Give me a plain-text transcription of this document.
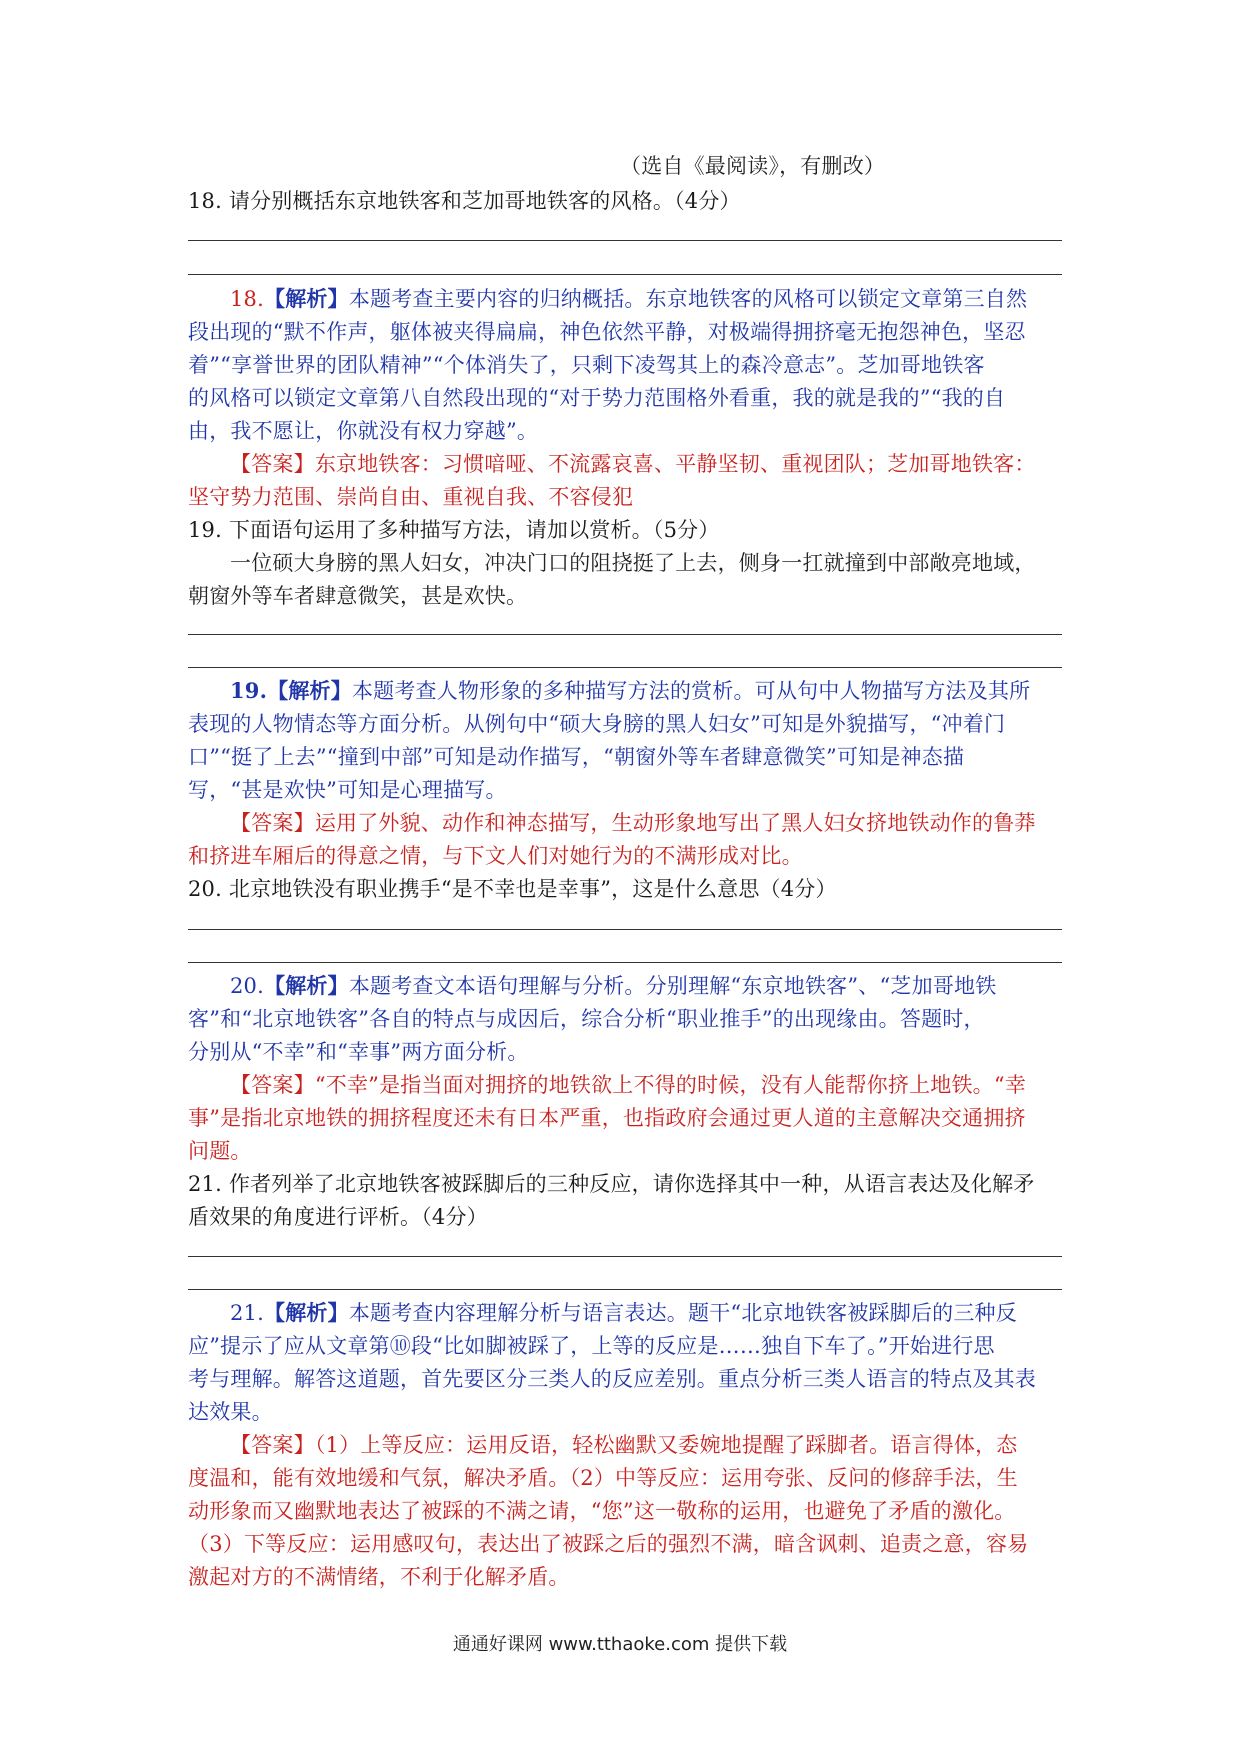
（选自《最阅读》，有删改）
18. 请分别概括东京地铁客和芝加哥地铁客的风格。（4分）
18.【解析】本题考查主要内容的归纳概括。东京地铁客的风格可以锁定文章第三自然
段出现的“默不作声，躯体被夹得扁扁，神色依然平静，对极端得拥挤毫无抱怨神色，坚忍
着”“享誉世界的团队精神”“个体消失了，只剩下凌驾其上的森冷意志”。芝加哥地铁客
的风格可以锁定文章第八自然段出现的“对于势力范围格外看重，我的就是我的”“我的自
由，我不愿让，你就没有权力穿越”。
【答案】东京地铁客：习惯喑哑、不流露哀喜、平静坚韧、重视团队；芝加哥地铁客：
坚守势力范围、崇尚自由、重视自我、不容侵犯
19. 下面语句运用了多种描写方法，请加以赏析。（5分）
一位硕大身膀的黑人妇女，冲决门口的阻挠挺了上去，侧身一扛就撞到中部敞亮地域，
朝窗外等车者肆意微笑，甚是欢快。
19.【解析】本题考查人物形象的多种描写方法的赏析。可从句中人物描写方法及其所
表现的人物情态等方面分析。从例句中“硕大身膀的黑人妇女”可知是外貌描写，“冲着门
口”“挺了上去”“撞到中部”可知是动作描写，“朝窗外等车者肆意微笑”可知是神态描
写，“甚是欢快”可知是心理描写。
【答案】运用了外貌、动作和神态描写，生动形象地写出了黑人妇女挤地铁动作的鲁莽
和挤进车厢后的得意之情，与下文人们对她行为的不满形成对比。
20. 北京地铁没有职业携手“是不幸也是幸事”，这是什么意思（4分）
20.【解析】本题考查文本语句理解与分析。分别理解“东京地铁客”、“芝加哥地铁
客”和“北京地铁客”各自的特点与成因后，综合分析“职业推手”的出现缘由。答题时，
分别从“不幸”和“幸事”两方面分析。
【答案】“不幸”是指当面对拥挤的地铁欲上不得的时候，没有人能帮你挤上地铁。“幸
事”是指北京地铁的拥挤程度还未有日本严重，也指政府会通过更人道的主意解决交通拥挤
问题。
21. 作者列举了北京地铁客被踩脚后的三种反应，请你选择其中一种，从语言表达及化解矛
盾效果的角度进行评析。（4分）
21.【解析】本题考查内容理解分析与语言表达。题干“北京地铁客被踩脚后的三种反
应”提示了应从文章第⑩段“比如脚被踩了，上等的反应是……独自下车了。”开始进行思
考与理解。解答这道题，首先要区分三类人的反应差别。重点分析三类人语言的特点及其表
达效果。
【答案】（1）上等反应：运用反语，轻松幽默又委婉地提醒了踩脚者。语言得体，态
度温和，能有效地缓和气氛，解决矛盾。（2）中等反应：运用夸张、反问的修辞手法，生
动形象而又幽默地表达了被踩的不满之请，“您”这一敬称的运用，也避免了矛盾的激化。
（3）下等反应：运用感叹句，表达出了被踩之后的强烈不满，暗含讽刺、追责之意，容易
激起对方的不满情绪，不利于化解矛盾。
通通好课网 www.tthaoke.com 提供下载
